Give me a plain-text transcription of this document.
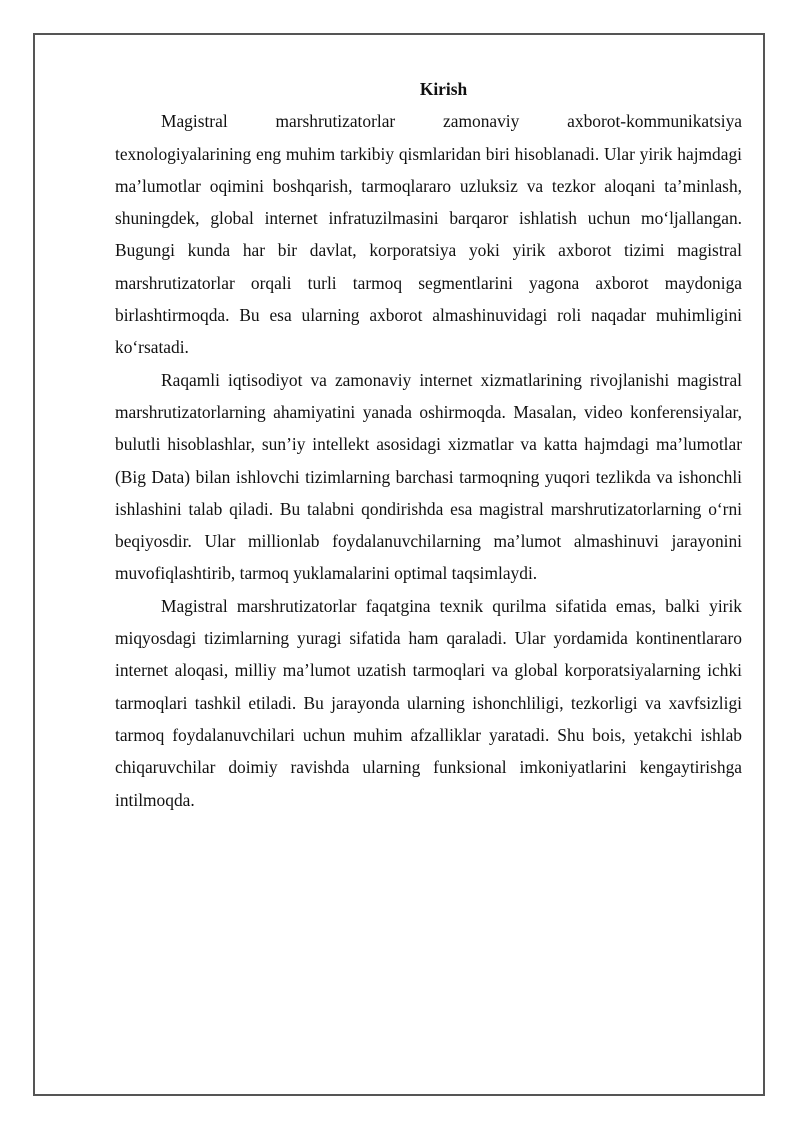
Kirish

Magistral marshrutizatorlar zamonaviy axborot-kommunikatsiya texnologiyalarining eng muhim tarkibiy qismlaridan biri hisoblanadi. Ular yirik hajmdagi ma’lumotlar oqimini boshqarish, tarmoqlararo uzluksiz va tezkor aloqani ta’minlash, shuningdek, global internet infratuzilmasini barqaror ishlatish uchun mo‘ljallangan. Bugungi kunda har bir davlat, korporatsiya yoki yirik axborot tizimi magistral marshrutizatorlar orqali turli tarmoq segmentlarini yagona axborot maydoniga birlashtirmoqda. Bu esa ularning axborot almashinuvidagi roli naqadar muhimligini ko‘rsatadi.

Raqamli iqtisodiyot va zamonaviy internet xizmatlarining rivojlanishi magistral marshrutizatorlarning ahamiyatini yanada oshirmoqda. Masalan, video konferensiyalar, bulutli hisoblashlar, sun’iy intellekt asosidagi xizmatlar va katta hajmdagi ma’lumotlar (Big Data) bilan ishlovchi tizimlarning barchasi tarmoqning yuqori tezlikda va ishonchli ishlashini talab qiladi. Bu talabni qondirishda esa magistral marshrutizatorlarning o‘rni beqiyosdir. Ular millionlab foydalanuvchilarning ma’lumot almashinuvi jarayonini muvofiqlashtirib, tarmoq yuklamalarini optimal taqsimlaydi.

Magistral marshrutizatorlar faqatgina texnik qurilma sifatida emas, balki yirik miqyosdagi tizimlarning yuragi sifatida ham qaraladi. Ular yordamida kontinentlararo internet aloqasi, milliy ma’lumot uzatish tarmoqlari va global korporatsiyalarning ichki tarmoqlari tashkil etiladi. Bu jarayonda ularning ishonchliligi, tezkorligi va xavfsizligi tarmoq foydalanuvchilari uchun muhim afzalliklar yaratadi. Shu bois, yetakchi ishlab chiqaruvchilar doimiy ravishda ularning funksional imkoniyatlarini kengaytirishga intilmoqda.
